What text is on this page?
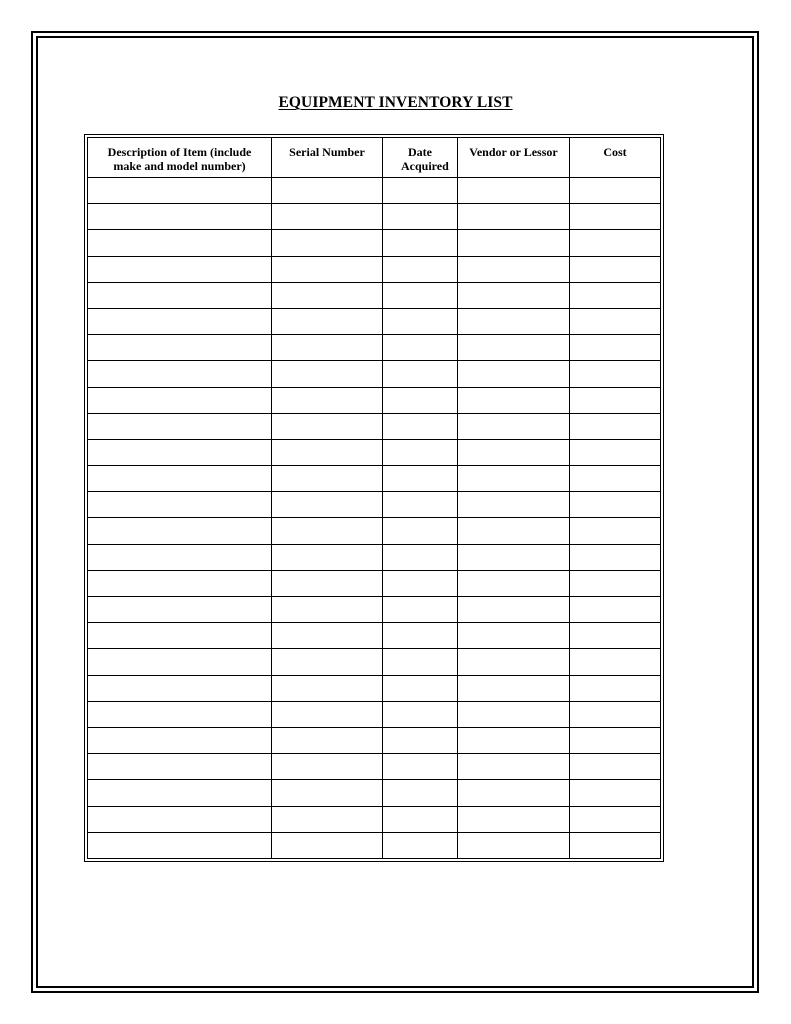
EQUIPMENT INVENTORY LIST
Description of Item (include make and model number)	Serial Number	Date Acquired	Vendor or Lessor	Cost
